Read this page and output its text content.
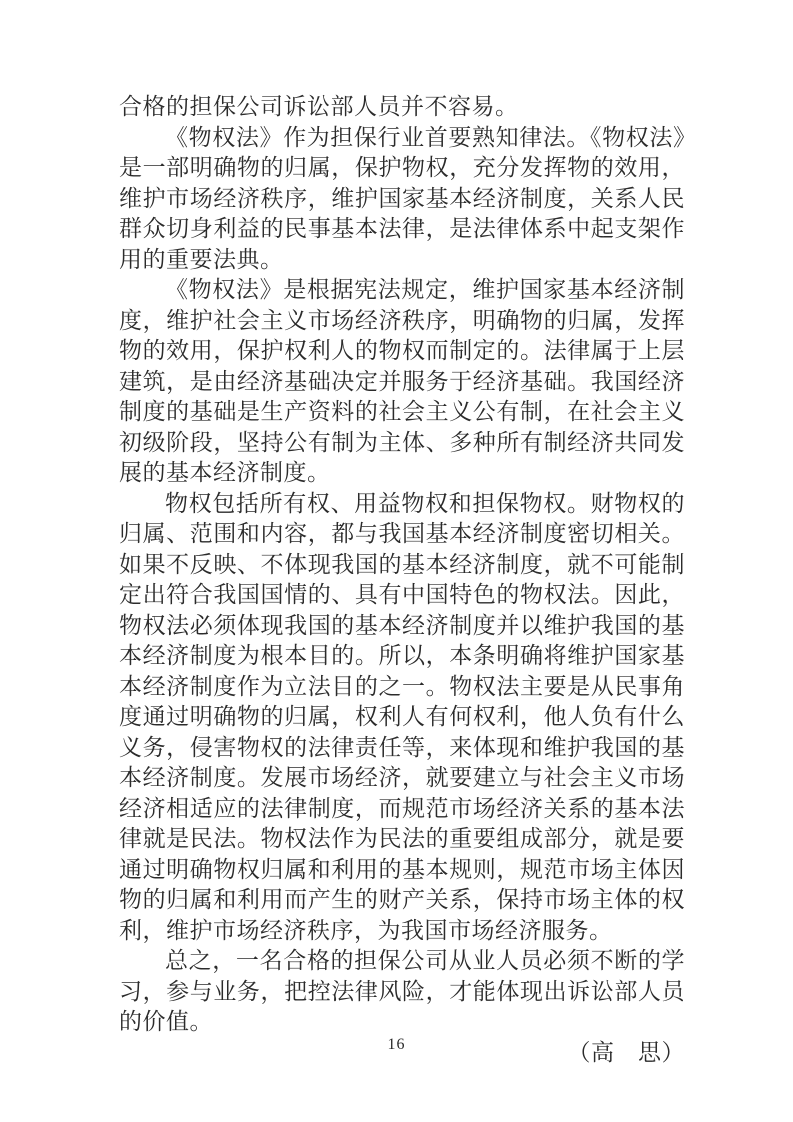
合格的担保公司诉讼部人员并不容易。

《物权法》作为担保行业首要熟知律法。《物权法》是一部明确物的归属，保护物权，充分发挥物的效用，维护市场经济秩序，维护国家基本经济制度，关系人民群众切身利益的民事基本法律，是法律体系中起支架作用的重要法典。

《物权法》是根据宪法规定，维护国家基本经济制度，维护社会主义市场经济秩序，明确物的归属，发挥物的效用，保护权利人的物权而制定的。法律属于上层建筑，是由经济基础决定并服务于经济基础。我国经济制度的基础是生产资料的社会主义公有制，在社会主义初级阶段，坚持公有制为主体、多种所有制经济共同发展的基本经济制度。

物权包括所有权、用益物权和担保物权。财物权的归属、范围和内容，都与我国基本经济制度密切相关。如果不反映、不体现我国的基本经济制度，就不可能制定出符合我国国情的、具有中国特色的物权法。因此，物权法必须体现我国的基本经济制度并以维护我国的基本经济制度为根本目的。所以，本条明确将维护国家基本经济制度作为立法目的之一。物权法主要是从民事角度通过明确物的归属，权利人有何权利，他人负有什么义务，侵害物权的法律责任等，来体现和维护我国的基本经济制度。发展市场经济，就要建立与社会主义市场经济相适应的法律制度，而规范市场经济关系的基本法律就是民法。物权法作为民法的重要组成部分，就是要通过明确物权归属和利用的基本规则，规范市场主体因物的归属和利用而产生的财产关系，保持市场主体的权利，维护市场经济秩序，为我国市场经济服务。

总之，一名合格的担保公司从业人员必须不断的学习，参与业务，把控法律风险，才能体现出诉讼部人员的价值。

（高　思）
16
